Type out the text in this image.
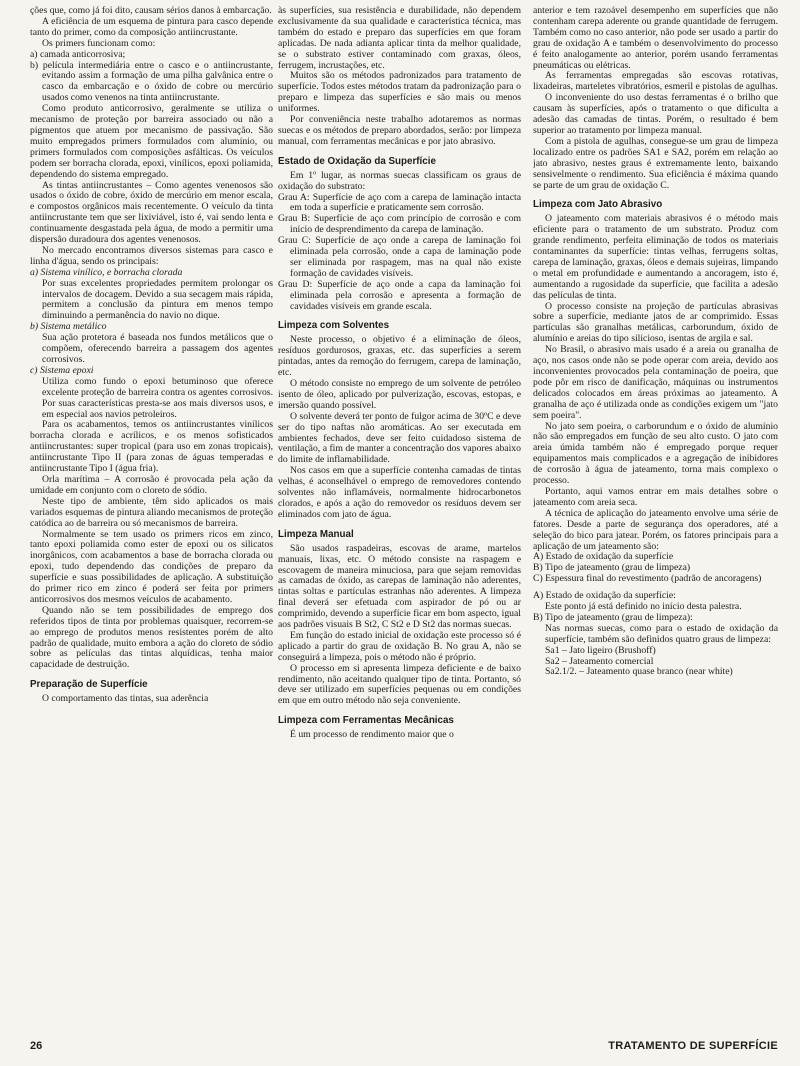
ções que, como já foi dito, causam sérios danos à embarcação.

A eficiência de um esquema de pintura para casco depende tanto do primer, como da composição antiincrustante.

Os primers funcionam como:

a) camada anticorrosiva;

b) película intermediária entre o casco e o antiincrustante, evitando assim a formação de uma pilha galvânica entre o casco da embarcação e o óxido de cobre ou mercúrio usados como venenos na tinta antiincrustante.

Como produto anticorrosivo, geralmente se utiliza o mecanismo de proteção por barreira associado ou não a pigmentos que atuem por mecanismo de passivação. São muito empregados primers formulados com alumínio, ou primers formulados com composições asfálticas. Os veículos podem ser borracha clorada, epoxi, vinílicos, epoxi poliamida, dependendo do sistema empregado.

As tintas antiincrustantes – Como agentes venenosos são usados o óxido de cobre, óxido de mercúrio em menor escala, e compostos orgânicos mais recentemente. O veículo da tinta antiincrustante tem que ser lixiviável, isto é, vai sendo lenta e continuamente desgastada pela água, de modo a permitir uma dispersão duradoura dos agentes venenosos.

No mercado encontramos diversos sistemas para casco e linha d'água, sendo os principais:

a) Sistema vinílico, e borracha clorada

Por suas excelentes propriedades permitem prolongar os intervalos de docagem. Devido a sua secagem mais rápida, permitem a conclusão da pintura em menos tempo diminuindo a permanência do navio no dique.

b) Sistema metálico

Sua ação protetora é baseada nos fundos metálicos que o compõem, oferecendo barreira a passagem dos agentes corrosivos.

c) Sistema epoxi

Utiliza como fundo o epoxi betuminoso que oferece excelente proteção de barreira contra os agentes corrosivos. Por suas características presta-se aos mais diversos usos, e em especial aos navios petroleiros.

Para os acabamentos, temos os antiincrustantes vinílicos borracha clorada e acrílicos, e os menos sofisticados antiincrustantes: super tropical (para uso em zonas tropicais), antiincrustante Tipo II (para zonas de águas temperadas e antiincrustante Tipo I (água fria).

Orla marítima – A corrosão é provocada pela ação da umidade em conjunto com o cloreto de sódio.

Neste tipo de ambiente, têm sido aplicados os mais variados esquemas de pintura aliando mecanismos de proteção catódica ao de barreira ou só mecanismos de barreira.

Normalmente se tem usado os primers ricos em zinco, tanto epoxi poliamida como ester de epoxi ou os silicatos inorgânicos, com acabamentos a base de borracha clorada ou epoxi, tudo dependendo das condições de preparo da superfície e suas possibilidades de aplicação. A substituição do primer rico em zinco é poderá ser feita por primers anticorrosivos dos mesmos veículos de acabamento.

Quando não se tem possibilidades de emprego dos referidos tipos de tinta por problemas quaisquer, recorrem-se ao emprego de produtos menos resistentes porém de alto padrão de qualidade, muito embora a ação do cloreto de sódio sobre as películas das tintas alquídicas, tenha maior capacidade de destruição.

Preparação de Superfície

O comportamento das tintas, sua aderência

às superfícies, sua resistência e durabilidade, não dependem exclusivamente da sua qualidade e característica técnica, mas também do estado e preparo das superfícies em que foram aplicadas. De nada adianta aplicar tinta da melhor qualidade, se o substrato estiver contaminado com graxas, óleos, ferrugem, incrustações, etc.

Muitos são os métodos padronizados para tratamento de superfície. Todos estes métodos tratam da padronização para o preparo e limpeza das superfícies e são mais ou menos uniformes.

Por conveniência neste trabalho adotaremos as normas suecas e os métodos de preparo abordados, serão: por limpeza manual, com ferramentas mecânicas e por jato abrasivo.

Estado de Oxidação da Superfície

Em 1º lugar, as normas suecas classificam os graus de oxidação do substrato:

Grau A: Superfície de aço com a carepa de laminação intacta em toda a superfície e praticamente sem corrosão.

Grau B: Superfície de aço com princípio de corrosão e com início de desprendimento da carepa de laminação.

Grau C: Superfície de aço onde a carepa de laminação foi eliminada pela corrosão, onde a capa de laminação pode ser eliminada por raspagem, mas na qual não existe formação de cavidades visíveis.

Grau D: Superfície de aço onde a capa da laminação foi eliminada pela corrosão e apresenta a formação de cavidades visíveis em grande escala.

Limpeza com Solventes

Neste processo, o objetivo é a eliminação de óleos, resíduos gordurosos, graxas, etc. das superfícies a serem pintadas, antes da remoção do ferrugem, carepa de laminação, etc.

O método consiste no emprego de um solvente de petróleo isento de óleo, aplicado por pulverização, escovas, estopas, e imersão quando possível.

O solvente deverá ter ponto de fulgor acima de 30ºC e deve ser do tipo naftas não aromáticas. Ao ser executada em ambientes fechados, deve ser feito cuidadoso sistema de ventilação, a fim de manter a concentração dos vapores abaixo do limite de inflamabilidade.

Nos casos em que a superfície contenha camadas de tintas velhas, é aconselhável o emprego de removedores contendo solventes não inflamáveis, normalmente hidrocarbonetos clorados, e após a ação do removedor os resíduos devem ser eliminados com jato de água.

Limpeza Manual

São usados raspadeiras, escovas de arame, martelos manuais, lixas, etc. O método consiste na raspagem e escovagem de maneira minuciosa, para que sejam removidas as camadas de óxido, as carepas de laminação não aderentes, tintas soltas e partículas estranhas não aderentes. A limpeza final deverá ser efetuada com aspirador de pó ou ar comprimido, devendo a superfície ficar em bom aspecto, igual aos padrões visuais B St2, C St2 e D St2 das normas suecas.

Em função do estado inicial de oxidação este processo só é aplicado a partir do grau de oxidação B. No grau A, não se conseguirá a limpeza, pois o método não é próprio.

O processo em si apresenta limpeza deficiente e de baixo rendimento, não aceitando qualquer tipo de tinta. Portanto, só deve ser utilizado em superfícies pequenas ou em condições em que em outro método não seja conveniente.

Limpeza com Ferramentas Mecânicas

É um processo de rendimento maior que o

anterior e tem razoável desempenho em superfícies que não contenham carepa aderente ou grande quantidade de ferrugem. Também como no caso anterior, não pode ser usado a partir do grau de oxidação A e também o desenvolvimento do processo é feito analogamente ao anterior, porém usando ferramentas pneumáticas ou elétricas.

As ferramentas empregadas são escovas rotativas, lixadeiras, marteletes vibratórios, esmeril e pistolas de agulhas.

O inconveniente do uso destas ferramentas é o brilho que causam às superfícies, após o tratamento o que dificulta a adesão das camadas de tintas. Porém, o resultado é bem superior ao tratamento por limpeza manual.

Com a pistola de agulhas, consegue-se um grau de limpeza localizado entre os padrões SA1 e SA2, porém em relação ao jato abrasivo, nestes graus é extremamente lento, baixando sensivelmente o rendimento. Sua eficiência é máxima quando se parte de um grau de oxidação C.

Limpeza com Jato Abrasivo

O jateamento com materiais abrasivos é o método mais eficiente para o tratamento de um substrato. Produz com grande rendimento, perfeita eliminação de todos os materiais contaminantes da superfície: tintas velhas, ferrugens soltas, carepa de laminação, graxas, óleos e demais sujeiras, limpando o metal em profundidade e aumentando a ancoragem, isto é, aumentando a rugosidade da superfície, que facilita a adesão das películas de tinta.

O processo consiste na projeção de partículas abrasivas sobre a superfície, mediante jatos de ar comprimido. Essas partículas são granalhas metálicas, carborundum, óxido de alumínio e areias do tipo silicioso, isentas de argila e sal.

No Brasil, o abrasivo mais usado é a areia ou granalha de aço, nos casos onde não se pode operar com areia, devido aos inconvenientes provocados pela contaminação de poeira, que pode pôr em risco de danificação, máquinas ou instrumentos delicados colocados em áreas próximas ao jateamento. A granalha de aço é utilizada onde as condições exigem um "jato sem poeira".

No jato sem poeira, o carborundum e o óxido de alumínio não são empregados em função de seu alto custo. O jato com areia úmida também não é empregado porque requer equipamentos mais complicados e a agregação de inibidores de corrosão à água de jateamento, torna mais complexo o processo.

Portanto, aqui vamos entrar em mais detalhes sobre o jateamento com areia seca.

A técnica de aplicação do jateamento envolve uma série de fatores. Desde a parte de segurança dos operadores, até a seleção do bico para jatear. Porém, os fatores principais para a aplicação de um jateamento são:

A) Estado de oxidação da superfície

B) Tipo de jateamento (grau de limpeza)

C) Espessura final do revestimento (padrão de ancoragens)

A) Estado de oxidação da superfície:

Este ponto já está definido no início desta palestra.

B) Tipo de jateamento (grau de limpeza):

Nas normas suecas, como para o estado de oxidação da superfície, também são definidos quatro graus de limpeza:

Sa1 – Jato ligeiro (Brushoff)

Sa2 – Jateamento comercial

Sa2.1/2. – Jateamento quase branco (near white)

26	TRATAMENTO DE SUPERFÍCIE
